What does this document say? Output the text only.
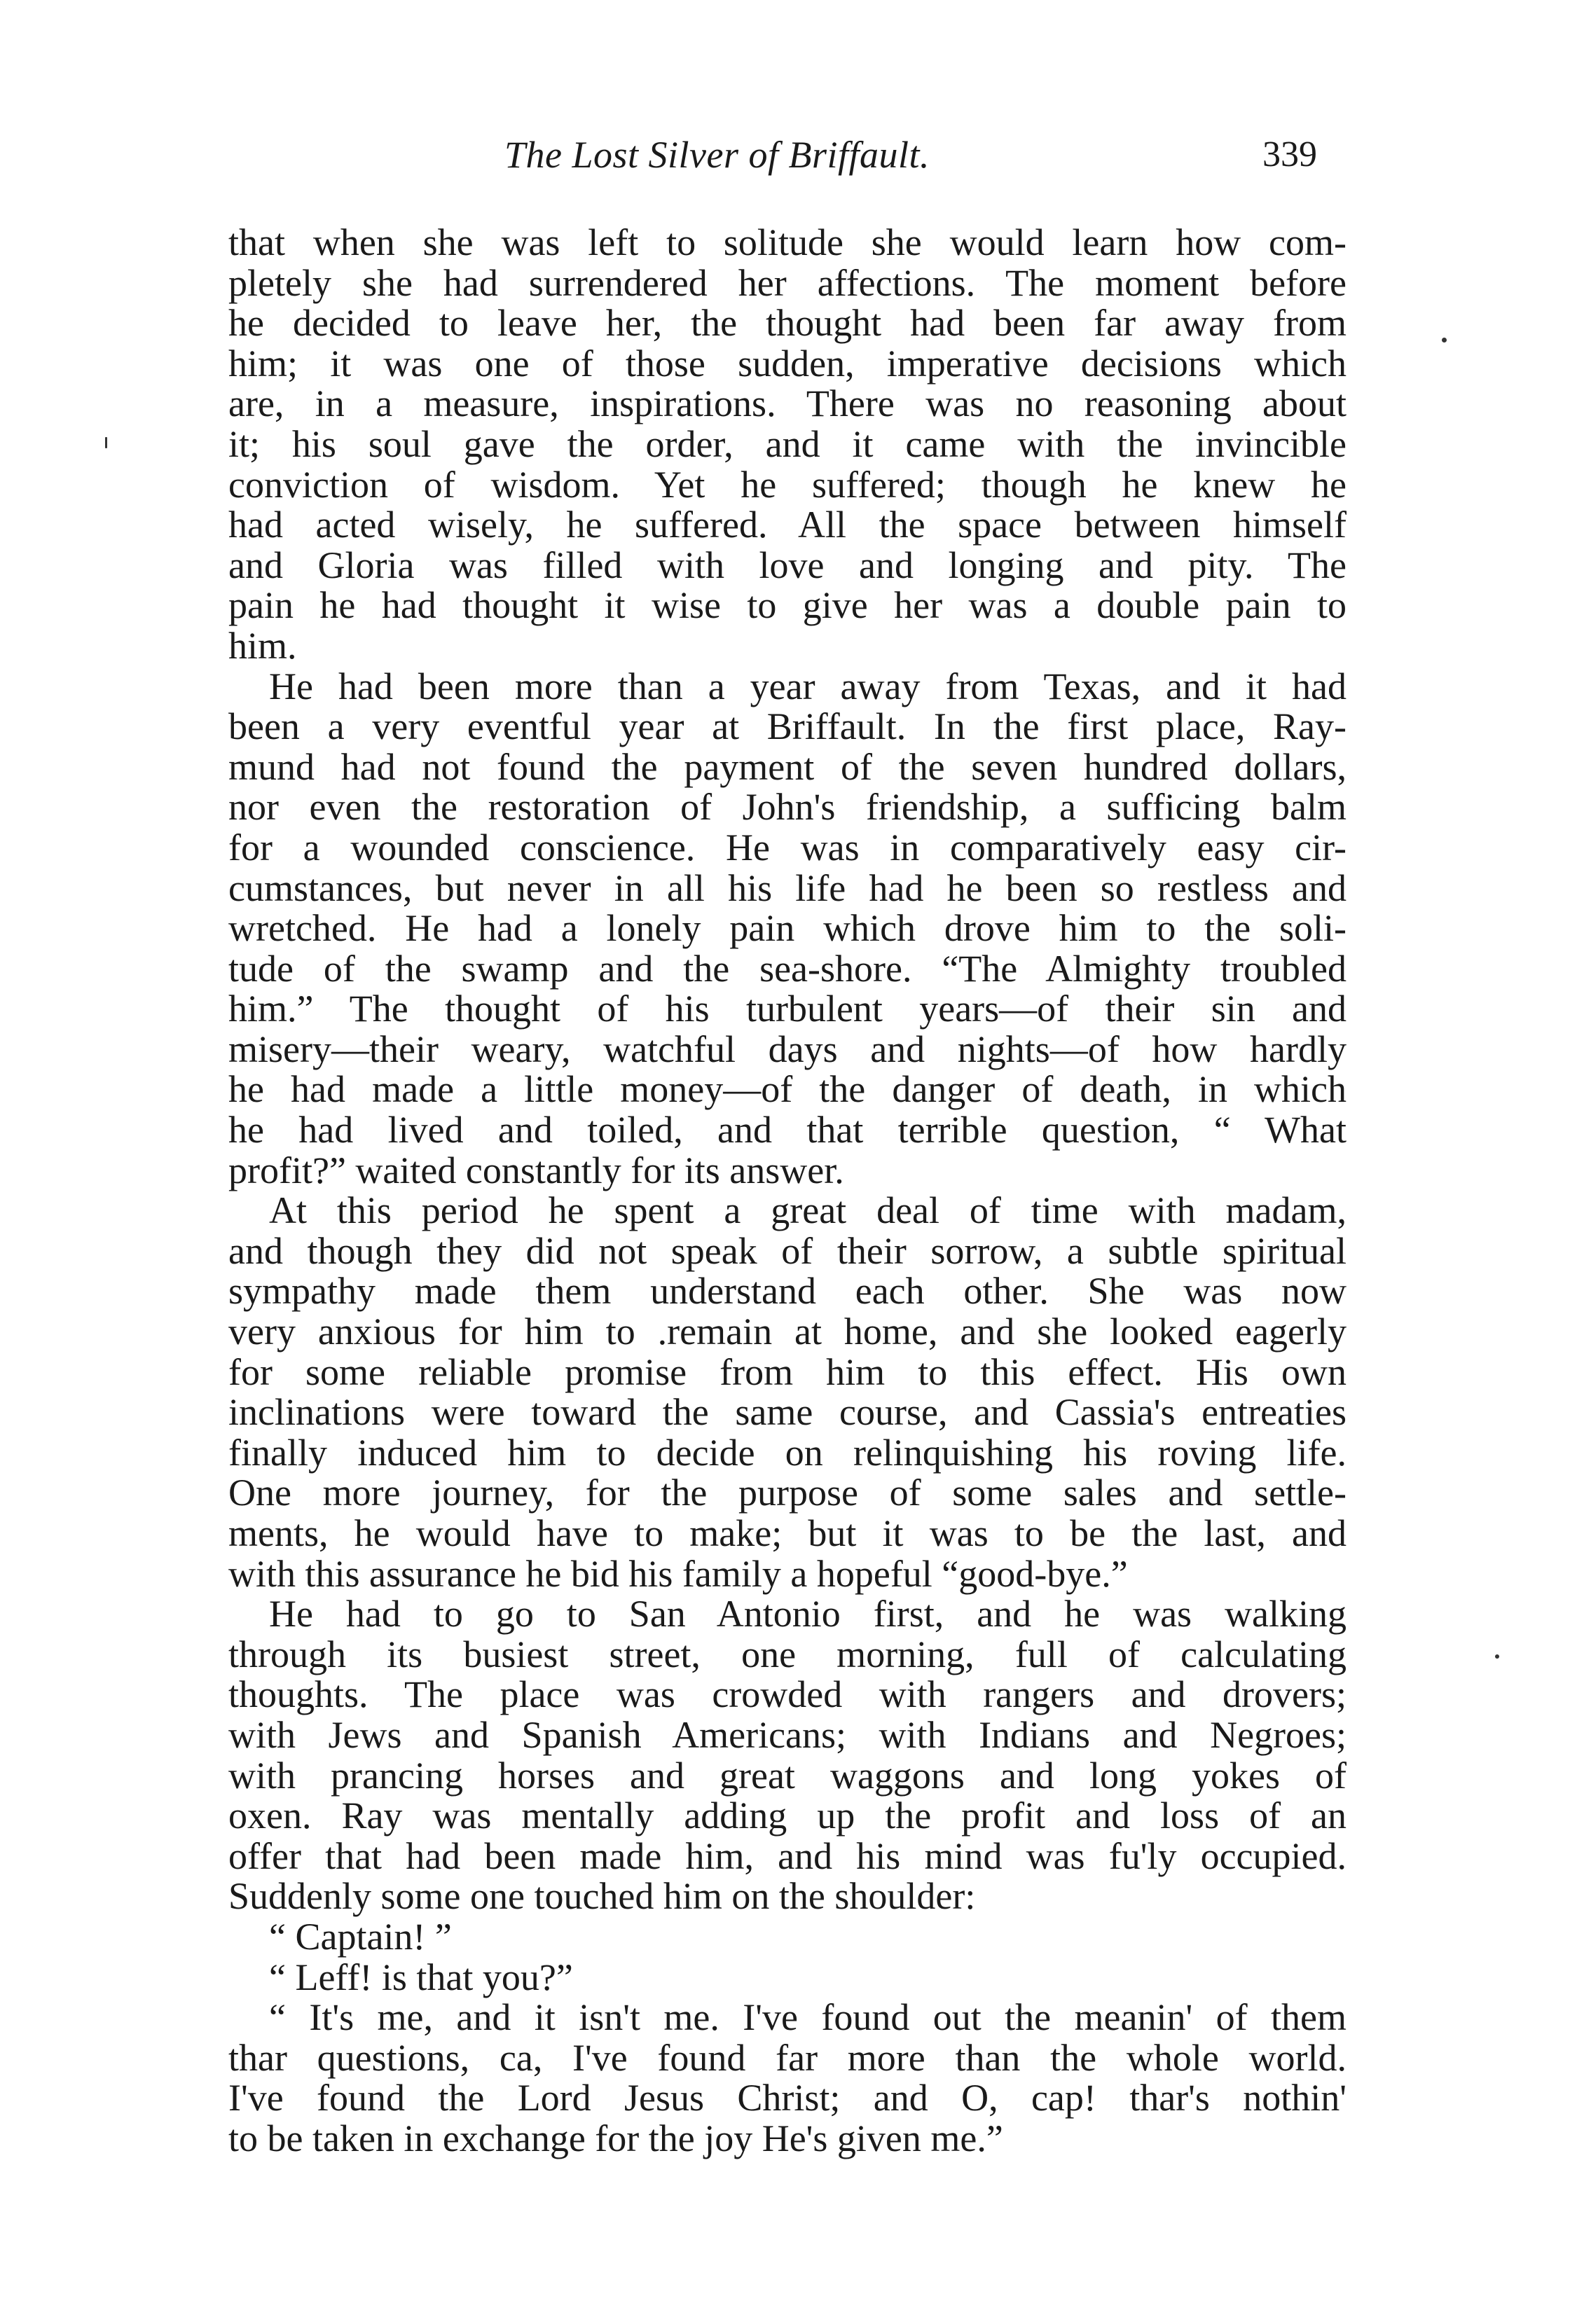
The Lost Silver of Briffault.	339
that when she was left to solitude she would learn how com-
pletely she had surrendered her affections. The moment before
he decided to leave her, the thought had been far away from
him; it was one of those sudden, imperative decisions which
are, in a measure, inspirations. There was no reasoning about
it; his soul gave the order, and it came with the invincible
conviction of wisdom. Yet he suffered; though he knew he
had acted wisely, he suffered. All the space between himself
and Gloria was filled with love and longing and pity. The
pain he had thought it wise to give her was a double pain to
him.
He had been more than a year away from Texas, and it had
been a very eventful year at Briffault. In the first place, Ray-
mund had not found the payment of the seven hundred dollars,
nor even the restoration of John's friendship, a sufficing balm
for a wounded conscience. He was in comparatively easy cir-
cumstances, but never in all his life had he been so restless and
wretched. He had a lonely pain which drove him to the soli-
tude of the swamp and the sea-shore. “The Almighty troubled
him.” The thought of his turbulent years—of their sin and
misery—their weary, watchful days and nights—of how hardly
he had made a little money—of the danger of death, in which
he had lived and toiled, and that terrible question, “ What
profit?” waited constantly for its answer.
At this period he spent a great deal of time with madam,
and though they did not speak of their sorrow, a subtle spiritual
sympathy made them understand each other. She was now
very anxious for him to .remain at home, and she looked eagerly
for some reliable promise from him to this effect. His own
inclinations were toward the same course, and Cassia's entreaties
finally induced him to decide on relinquishing his roving life.
One more journey, for the purpose of some sales and settle-
ments, he would have to make; but it was to be the last, and
with this assurance he bid his family a hopeful “good-bye.”
He had to go to San Antonio first, and he was walking
through its busiest street, one morning, full of calculating
thoughts. The place was crowded with rangers and drovers;
with Jews and Spanish Americans; with Indians and Negroes;
with prancing horses and great waggons and long yokes of
oxen. Ray was mentally adding up the profit and loss of an
offer that had been made him, and his mind was fu'ly occupied.
Suddenly some one touched him on the shoulder:
“ Captain! ”
“ Leff! is that you?”
“ It's me, and it isn't me. I've found out the meanin' of them
thar questions, ca, I've found far more than the whole world.
I've found the Lord Jesus Christ; and O, cap! thar's nothin'
to be taken in exchange for the joy He's given me.”
